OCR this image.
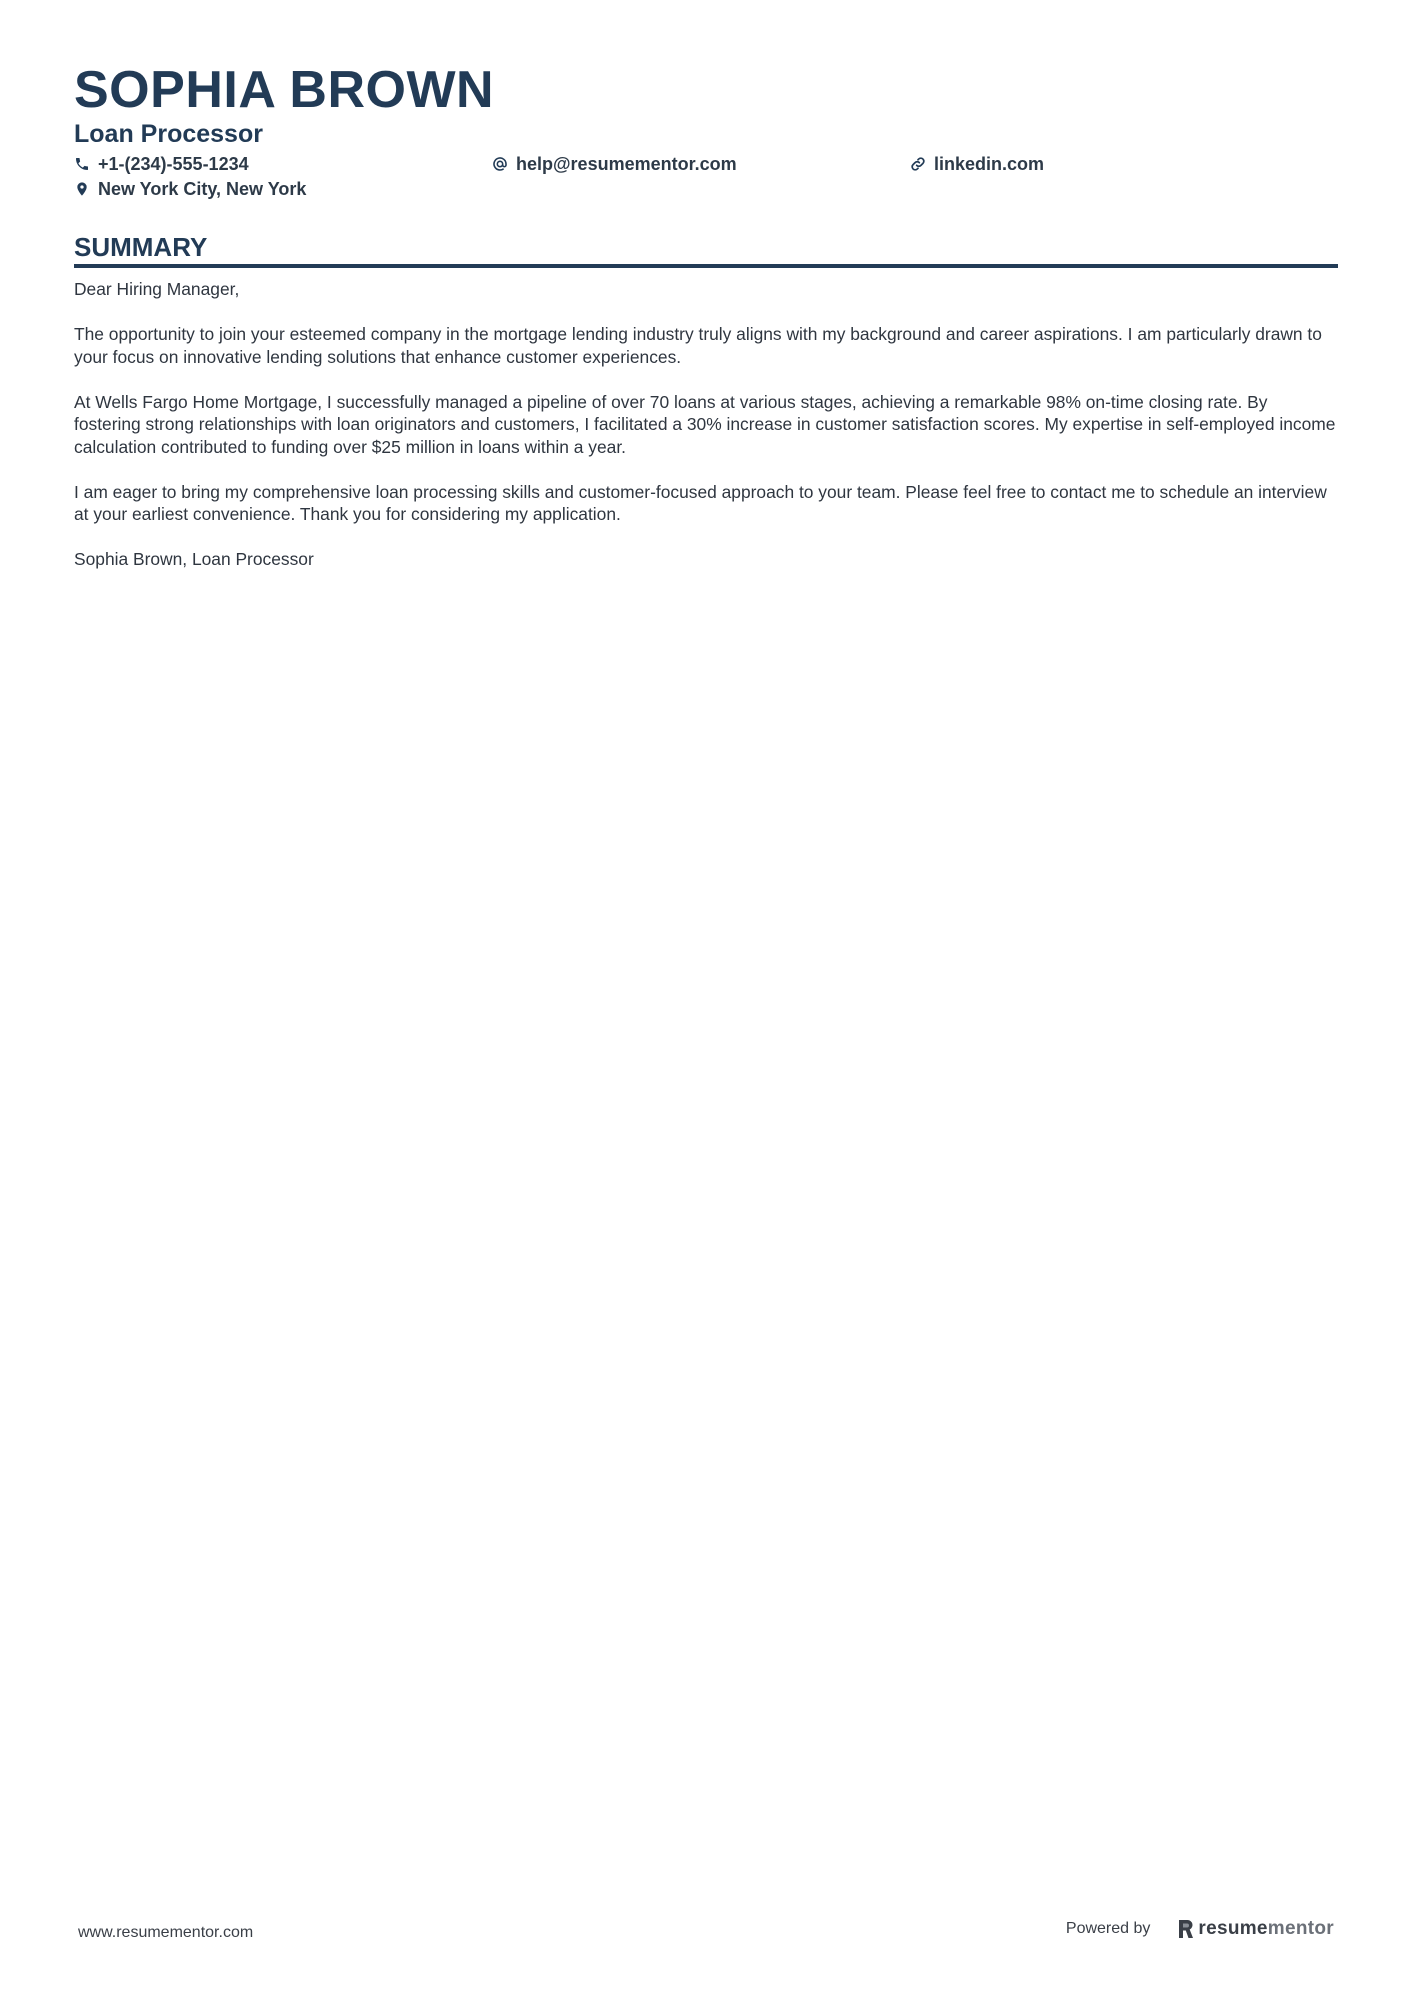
SOPHIA BROWN
Loan Processor
+1-(234)-555-1234	help@resumementor.com	linkedin.com
New York City, New York
SUMMARY

Dear Hiring Manager,

The opportunity to join your esteemed company in the mortgage lending industry truly aligns with my background and career aspirations. I am particularly drawn to your focus on innovative lending solutions that enhance customer experiences.

At Wells Fargo Home Mortgage, I successfully managed a pipeline of over 70 loans at various stages, achieving a remarkable 98% on-time closing rate. By fostering strong relationships with loan originators and customers, I facilitated a 30% increase in customer satisfaction scores. My expertise in self-employed income calculation contributed to funding over $25 million in loans within a year.

I am eager to bring my comprehensive loan processing skills and customer-focused approach to your team. Please feel free to contact me to schedule an interview at your earliest convenience. Thank you for considering my application.

Sophia Brown, Loan Processor

www.resumementor.com	Powered by	resumementor
